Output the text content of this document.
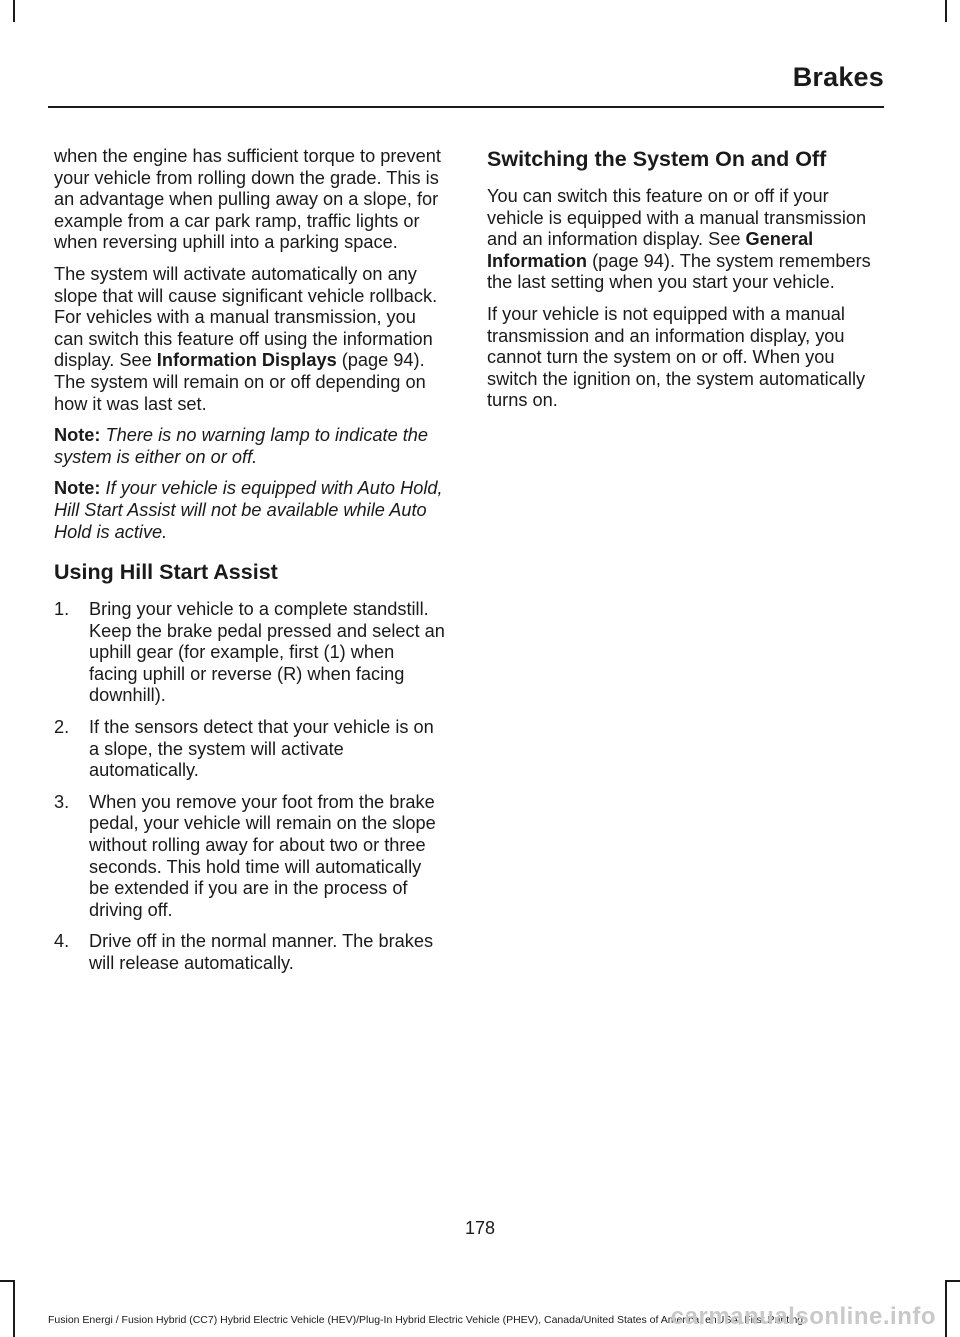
Brakes

when the engine has sufficient torque to prevent your vehicle from rolling down the grade. This is an advantage when pulling away on a slope, for example from a car park ramp, traffic lights or when reversing uphill into a parking space.

The system will activate automatically on any slope that will cause significant vehicle rollback. For vehicles with a manual transmission, you can switch this feature off using the information display. See Information Displays (page 94). The system will remain on or off depending on how it was last set.

Note: There is no warning lamp to indicate the system is either on or off.

Note: If your vehicle is equipped with Auto Hold, Hill Start Assist will not be available while Auto Hold is active.

Using Hill Start Assist
1. Bring your vehicle to a complete standstill. Keep the brake pedal pressed and select an uphill gear (for example, first (1) when facing uphill or reverse (R) when facing downhill).
2. If the sensors detect that your vehicle is on a slope, the system will activate automatically.
3. When you remove your foot from the brake pedal, your vehicle will remain on the slope without rolling away for about two or three seconds. This hold time will automatically be extended if you are in the process of driving off.
4. Drive off in the normal manner. The brakes will release automatically.
Switching the System On and Off

You can switch this feature on or off if your vehicle is equipped with a manual transmission and an information display. See General Information (page 94). The system remembers the last setting when you start your vehicle.

If your vehicle is not equipped with a manual transmission and an information display, you cannot turn the system on or off. When you switch the ignition on, the system automatically turns on.

178
Fusion Energi / Fusion Hybrid (CC7) Hybrid Electric Vehicle (HEV)/Plug-In Hybrid Electric Vehicle (PHEV), Canada/United States of America, enUSA, First Printing
carmanualsonline.info
